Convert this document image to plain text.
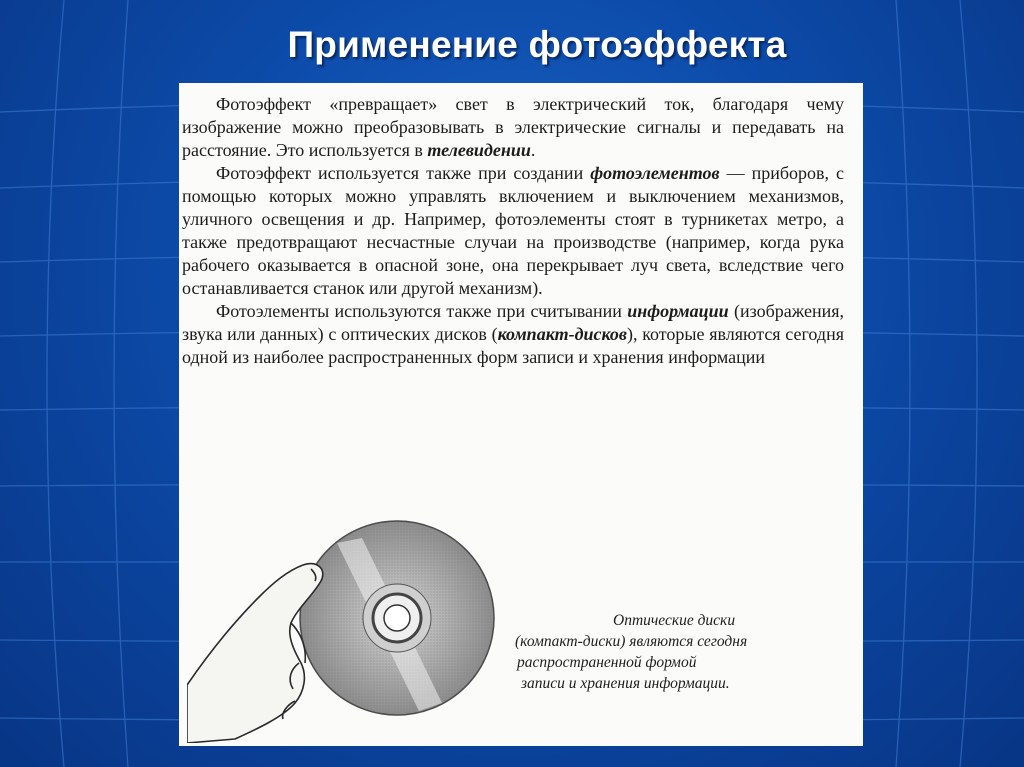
Применение фотоэффекта

Фотоэффект «превращает» свет в электрический ток, благодаря чему изображение можно преобразовывать в электрические сигналы и передавать на расстояние. Это используется в телевидении.

Фотоэффект используется также при создании фотоэлементов — приборов, с помощью которых можно управлять включением и выключением механизмов, уличного освещения и др. Например, фотоэлементы стоят в турникетах метро, а также предотвращают несчастные случаи на производстве (например, когда рука рабочего оказывается в опасной зоне, она перекрывает луч света, вследствие чего останавливается станок или другой механизм).

Фотоэлементы используются также при считывании информации (изображения, звука или данных) с оптических дисков (компакт-дисков), которые являются сегодня одной из наиболее распространенных форм записи и хранения информации

Оптические диски
(компакт-диски) являются сегодня
распространенной формой
записи и хранения информации.
